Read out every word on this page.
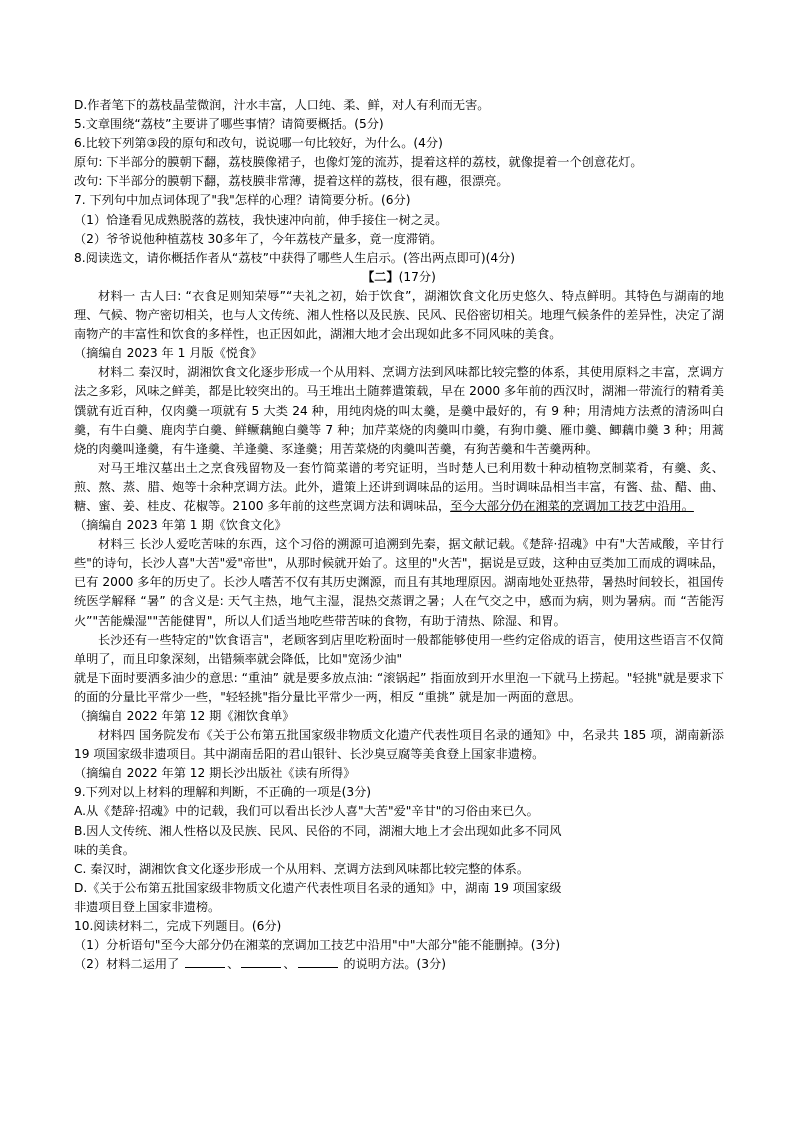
D.作者笔下的荔枝晶莹微润，汁水丰富，人口纯、柔、鲜，对人有利而无害。

5.文章围绕“荔枝”主要讲了哪些事情？请简要概括。(5分)

6.比较下列第③段的原句和改句，说说哪一句比较好，为什么。(4分)

原句: 下半部分的膜朝下翻，荔枝膜像裙子，也像灯笼的流苏，提着这样的荔枝，就像提着一个创意花灯。

改句: 下半部分的膜朝下翻，荔枝膜非常薄，提着这样的荔枝，很有趣，很漂亮。

7. 下列句中加点词体现了"我"怎样的心理？请简要分析。(6分)

（1）恰逢看见成熟脱落的荔枝，我快速冲向前，伸手接住一树之灵。

（2）爷爷说他种植荔枝 30多年了，今年荔枝产量多，竟一度滞销。

8.阅读选文，请你概括作者从“荔枝”中获得了哪些人生启示。(答出两点即可)(4分)

【二】(17分)

材料一 古人曰: “衣食足则知荣辱”“夫礼之初，始于饮食”，湖湘饮食文化历史悠久、特点鲜明。其特色与湖南的地理、气候、物产密切相关，也与人文传统、湘人性格以及民族、民风、民俗密切相关。地理气候条件的差异性，决定了湖南物产的丰富性和饮食的多样性，也正因如此，湖湘大地才会出现如此多不同风味的美食。

（摘编自 2023 年 1 月版《悦食》

材料二 秦汉时，湖湘饮食文化逐步形成一个从用料、烹调方法到风味都比较完整的体系，其使用原料之丰富，烹调方法之多彩，风味之鲜美，都是比较突出的。马王堆出土随葬遣策载，早在 2000 多年前的西汉时，湖湘一带流行的精肴美馔就有近百种，仅肉羹一项就有 5 大类 24 种，用纯肉烧的叫太羹，是羹中最好的，有 9 种；用清炖方法煮的清汤叫白羹，有牛白羹、鹿肉芋白羹、鲜鳜藕鲍白羹等 7 种；加芹菜烧的肉羹叫巾羹，有狗巾羹、雁巾羹、鲫藕巾羹 3 种；用蒿烧的肉羹叫逢羹，有牛逢羹、羊逢羹、豕逢羹；用苦菜烧的肉羹叫苦羹，有狗苦羹和牛苦羹两种。

对马王堆汉墓出土之烹食残留物及一套竹简菜谱的考究证明，当时楚人已利用数十种动植物烹制菜肴，有羹、炙、煎、熬、蒸、腊、炮等十余种烹调方法。此外，遣策上还讲到调味品的运用。当时调味品相当丰富，有酱、盐、醋、曲、糖、蜜、姜、桂皮、花椒等。2100 多年前的这些烹调方法和调味品，至今大部分仍在湘菜的烹调加工技艺中沿用。

（摘编自 2023 年第 1 期《饮食文化》

材料三 长沙人爱吃苦味的东西，这个习俗的溯源可追溯到先秦，据文献记载。《楚辞·招魂》中有"大苦咸酸，辛甘行些"的诗句，长沙人喜"大苦"爱"帝世"，从那时候就开始了。这里的"火苦"，据说是豆豉，这种由豆类加工而成的调味品，已有 2000 多年的历史了。长沙人嗜苦不仅有其历史渊源，而且有其地理原因。湖南地处亚热带，暑热时间较长，祖国传统医学解释 “暑” 的含义是: 天气主热，地气主湿，混热交蒸谓之暑；人在气交之中，感而为病，则为暑病。而 “苦能泻火”"苦能燥湿""苦能健胃"，所以人们适当地吃些带苦味的食物，有助于清热、除湿、和胃。

长沙还有一些特定的"饮食语言"，老顾客到店里吃粉面时一般都能够使用一些约定俗成的语言，使用这些语言不仅简单明了，而且印象深刻，出错频率就会降低，比如"宽汤少油"

就是下面时要洒多油少的意思: “重油” 就是要多放点油: “滚锅起” 指面放到开水里泡一下就马上捞起。"轻挑"就是要求下的面的分量比平常少一些，"轻轻挑"指分量比平常少一两，相反 “重挑” 就是加一两面的意思。

（摘编自 2022 年第 12 期《湘饮食单》

材料四 国务院发布《关于公布第五批国家级非物质文化遗产代表性项目名录的通知》中，名录共 185 项，湖南新添 19 项国家级非遗项目。其中湖南岳阳的君山银针、长沙臭豆腐等美食登上国家非遗榜。

（摘编自 2022 年第 12 期长沙出版社《读有所得》

9.下列对以上材料的理解和判断，不正确的一项是(3分)

A.从《楚辞·招魂》中的记载，我们可以看出长沙人喜"大苦"爱"辛甘"的习俗由来已久。

B.因人文传统、湘人性格以及民族、民风、民俗的不同，湖湘大地上才会出现如此多不同风

味的美食。

C. 秦汉时，湖湘饮食文化逐步形成一个从用料、烹调方法到风味都比较完整的体系。

D.《关于公布第五批国家级非物质文化遗产代表性项目名录的通知》中，湖南 19 项国家级

非遗项目登上国家非遗榜。

10.阅读材料二，完成下列题目。(6分)

（1）分析语句"至今大部分仍在湘菜的烹调加工技艺中沿用"中"大部分"能不能删掉。(3分)

（2）材料二运用了	、	、	的说明方法。(3分)
